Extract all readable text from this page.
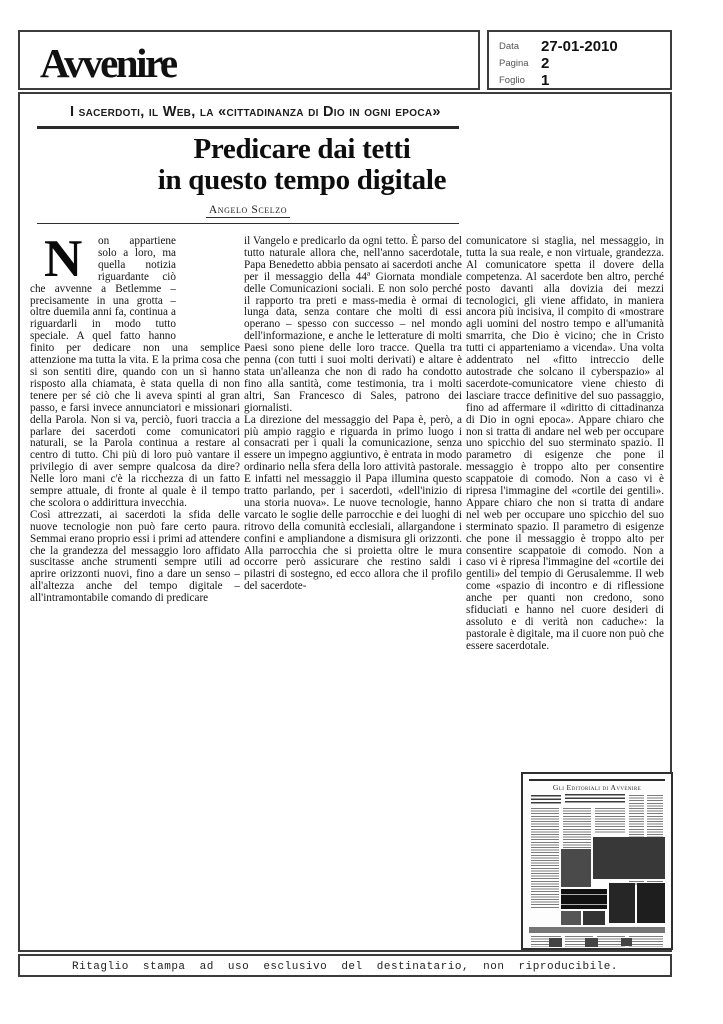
Avvenire	Data 27-01-2010
Pagina 2
Foglio 1
I sacerdoti, il Web, la «cittadinanza di Dio in ogni epoca»
Predicare dai tetti
in questo tempo digitale
Angelo Scelzo

N	on appartiene solo a loro, ma quella notizia riguardante ciò che avvenne a Betlemme – precisamente in una grotta – oltre duemila anni fa, continua a riguardarli in modo tutto speciale. A quel fatto hanno finito per dedicare non una semplice attenzione ma tutta la vita. E la prima cosa che si son sentiti dire, quando con un sì hanno risposto alla chiamata, è stata quella di non tenere per sé ciò che li aveva spinti al gran passo, e farsi invece annunciatori e missionari della Parola. Non si va, perciò, fuori traccia a parlare dei sacerdoti come comunicatori naturali, se la Parola continua a restare al centro di tutto. Chi più di loro può vantare il privilegio di aver sempre qualcosa da dire? Nelle loro mani c'è la ricchezza di un fatto sempre attuale, di fronte al quale è il tempo che scolora o addirittura invecchia.

Così attrezzati, ai sacerdoti la sfida delle nuove tecnologie non può fare certo paura. Semmai erano proprio essi i primi ad attendere che la grandezza del messaggio loro affidato suscitasse anche strumenti sempre utili ad aprire orizzonti nuovi, fino a dare un senso – all'altezza anche del tempo digitale – all'intramontabile comando di predicare

il Vangelo e predicarlo da ogni tetto. È parso del tutto naturale allora che, nell'anno sacerdotale, Papa Benedetto abbia pensato ai sacerdoti anche per il messaggio della 44ª Giornata mondiale delle Comunicazioni sociali. E non solo perché il rapporto tra preti e mass-media è ormai di lunga data, senza contare che molti di essi operano – spesso con successo – nel mondo dell'informazione, e anche le letterature di molti Paesi sono piene delle loro tracce. Quella tra penna (con tutti i suoi molti derivati) e altare è stata un'alleanza che non di rado ha condotto fino alla santità, come testimonia, tra i molti altri, San Francesco di Sales, patrono dei giornalisti.

La direzione del messaggio del Papa è, però, a più ampio raggio e riguarda in primo luogo i consacrati per i quali la comunicazione, senza essere un impegno aggiuntivo, è entrata in modo ordinario nella sfera della loro attività pastorale. E infatti nel messaggio il Papa illumina questo tratto parlando, per i sacerdoti, «dell'inizio di una storia nuova». Le nuove tecnologie, hanno varcato le soglie delle parrocchie e dei luoghi di ritrovo della comunità ecclesiali, allargandone i confini e ampliandone a dismisura gli orizzonti. Alla parrocchia che si proietta oltre le mura occorre però assicurare che restino saldi i pilastri di sostegno, ed ecco allora che il profilo del sacerdote-

comunicatore si staglia, nel messaggio, in tutta la sua reale, e non virtuale, grandezza. Al comunicatore spetta il dovere della competenza. Al sacerdote ben altro, perché posto davanti alla dovizia dei mezzi tecnologici, gli viene affidato, in maniera ancora più incisiva, il compito di «mostrare agli uomini del nostro tempo e all'umanità smarrita, che Dio è vicino; che in Cristo tutti ci apparteniamo a vicenda». Una volta addentrato nel «fitto intreccio delle autostrade che solcano il cyberspazio» al sacerdote-comunicatore viene chiesto di lasciare tracce definitive del suo passaggio, fino ad affermare il «diritto di cittadinanza di Dio in ogni epoca». Appare chiaro che non si tratta di andare nel web per occupare uno spicchio del suo sterminato spazio. Il parametro di esigenze che pone il messaggio è troppo alto per consentire scappatoie di comodo. Non a caso vi è ripresa l'immagine del «cortile dei gentili». Appare chiaro che non si tratta di andare nel web per occupare uno spicchio del suo sterminato spazio. Il parametro di esigenze che pone il messaggio è troppo alto per consentire scappatoie di comodo. Non a caso vi è ripresa l'immagine del «cortile dei gentili» del tempio di Gerusalemme. Il web come «spazio di incontro e di riflessione anche per quanti non credono, sono sfiduciati e hanno nel cuore desideri di assoluto e di verità non caduche»: la pastorale è digitale, ma il cuore non può che essere sacerdotale.

Gli Editoriali di Avvenire
Ritaglio stampa ad uso esclusivo del destinatario, non riproducibile.
